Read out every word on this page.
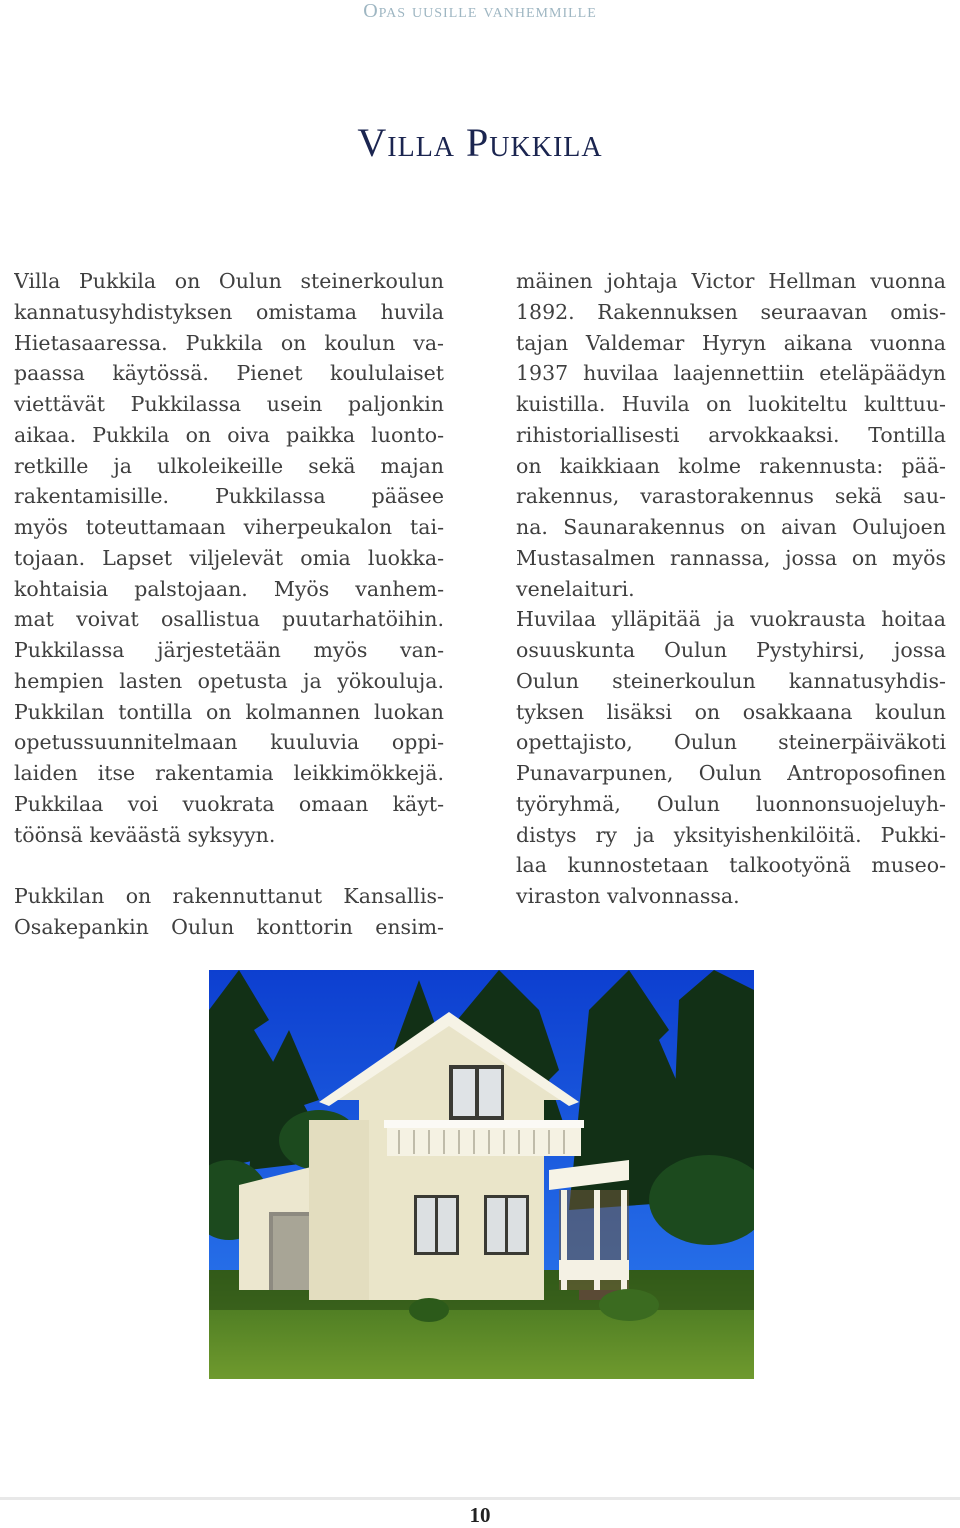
Opas uusille vanhemmille
Villa Pukkila
Villa Pukkila on Oulun steinerkoulun
kannatusyhdistyksen omistama huvila
Hietasaaressa. Pukkila on koulun va-
paassa käytössä. Pienet koululaiset
viettävät Pukkilassa usein paljonkin
aikaa. Pukkila on oiva paikka luonto-
retkille ja ulkoleikeille sekä majan
rakentamisille. Pukkilassa pääsee
myös toteuttamaan viherpeukalon tai-
tojaan. Lapset viljelevät omia luokka-
kohtaisia palstojaan. Myös vanhem-
mat voivat osallistua puutarhatöihin.
Pukkilassa järjestetään myös van-
hempien lasten opetusta ja yökouluja.
Pukkilan tontilla on kolmannen luokan
opetussuunnitelmaan kuuluvia oppi-
laiden itse rakentamia leikkimökkejä.
Pukkilaa voi vuokrata omaan käyt-
töönsä keväästä syksyyn.
Pukkilan on rakennuttanut Kansallis-
Osakepankin Oulun konttorin ensim-
mäinen johtaja Victor Hellman vuonna
1892. Rakennuksen seuraavan omis-
tajan Valdemar Hyryn aikana vuonna
1937 huvilaa laajennettiin eteläpäädyn
kuistilla. Huvila on luokiteltu kulttuu-
rihistoriallisesti arvokkaaksi. Tontilla
on kaikkiaan kolme rakennusta: pää-
rakennus, varastorakennus sekä sau-
na. Saunarakennus on aivan Oulujoen
Mustasalmen rannassa, jossa on myös
venelaituri.
Huvilaa ylläpitää ja vuokrausta hoitaa
osuuskunta Oulun Pystyhirsi, jossa
Oulun steinerkoulun kannatusyhdis-
tyksen lisäksi on osakkaana koulun
opettajisto, Oulun steinerpäiväkoti
Punavarpunen, Oulun Antroposofinen
työryhmä, Oulun luonnonsuojeluyh-
distys ry ja yksityishenkilöitä. Pukki-
laa kunnostetaan talkootyönä museo-
viraston valvonnassa.
10
